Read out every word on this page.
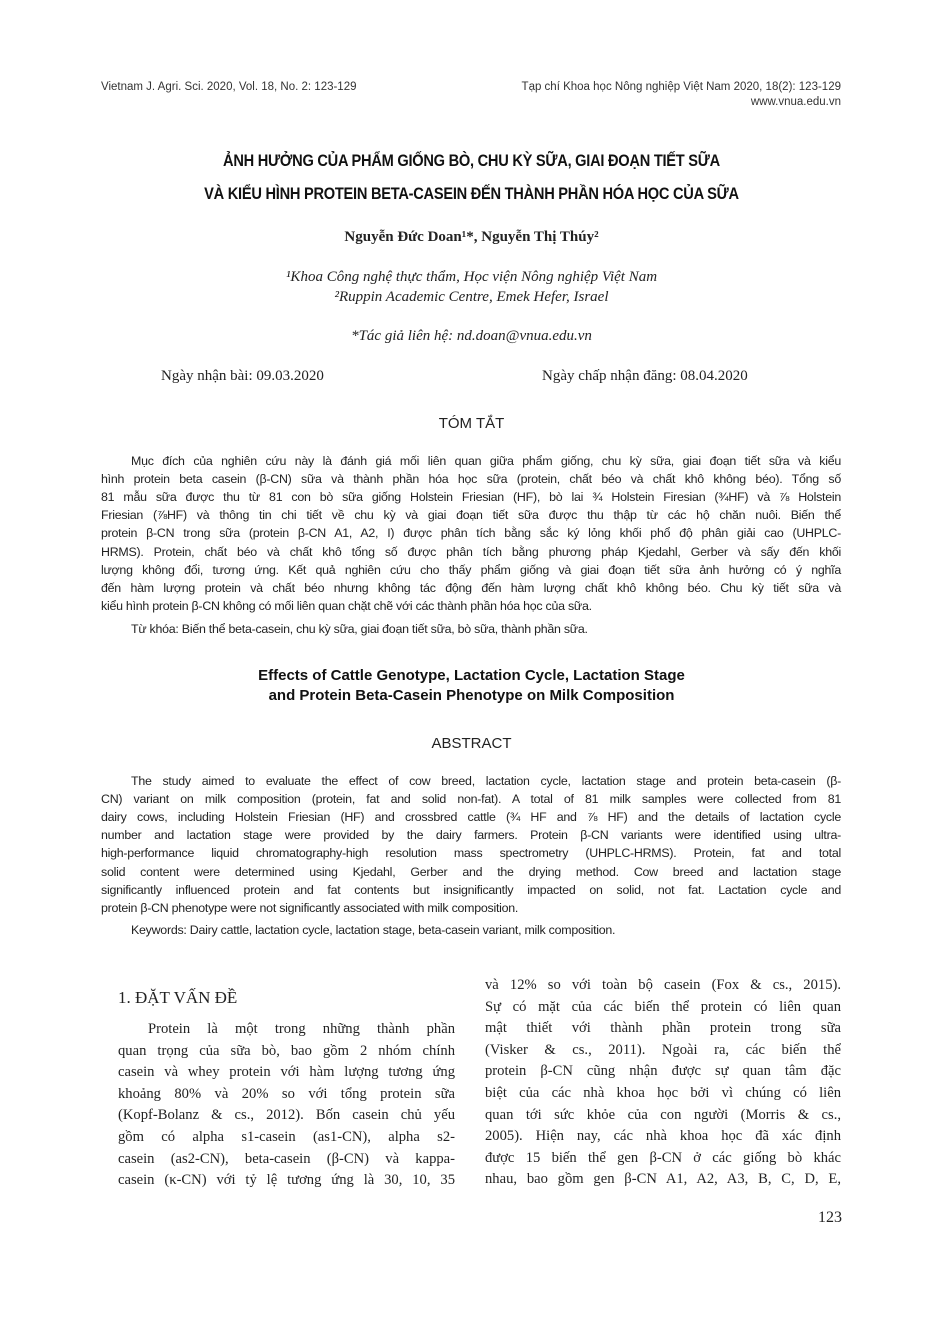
Vietnam J. Agri. Sci. 2020, Vol. 18, No. 2: 123-129	Tạp chí Khoa học Nông nghiệp Việt Nam 2020, 18(2): 123-129
www.vnua.edu.vn
ẢNH HƯỞNG CỦA PHẨM GIỐNG BÒ, CHU KỲ SỮA, GIAI ĐOẠN TIẾT SỮA
VÀ KIỂU HÌNH PROTEIN BETA-CASEIN ĐẾN THÀNH PHẦN HÓA HỌC CỦA SỮA
Nguyễn Đức Doan¹*, Nguyễn Thị Thúy²
¹Khoa Công nghệ thực thẩm, Học viện Nông nghiệp Việt Nam
²Ruppin Academic Centre, Emek Hefer, Israel
*Tác giả liên hệ: nd.doan@vnua.edu.vn
Ngày nhận bài: 09.03.2020	Ngày chấp nhận đăng: 08.04.2020
TÓM TẮT
Mục đích của nghiên cứu này là đánh giá mối liên quan giữa phẩm giống, chu kỳ sữa, giai đoạn tiết sữa và kiểu
hình protein beta casein (β-CN) sữa và thành phần hóa học sữa (protein, chất béo và chất khô không béo). Tổng số
81 mẫu sữa được thu từ 81 con bò sữa giống Holstein Friesian (HF), bò lai ¾ Holstein Firesian (¾HF) và ⅞ Holstein
Friesian (⅞HF) và thông tin chi tiết về chu kỳ và giai đoạn tiết sữa được thu thập từ các hộ chăn nuôi. Biến thể
protein β-CN trong sữa (protein β-CN A1, A2, I) được phân tích bằng sắc ký lỏng khối phổ độ phân giải cao (UHPLC-
HRMS). Protein, chất béo và chất khô tổng số được phân tích bằng phương pháp Kjedahl, Gerber và sấy đến khối
lượng không đổi, tương ứng. Kết quả nghiên cứu cho thấy phẩm giống và giai đoạn tiết sữa ảnh hưởng có ý nghĩa
đến hàm lượng protein và chất béo nhưng không tác động đến hàm lượng chất khô không béo. Chu kỳ tiết sữa và
kiểu hình protein β-CN không có mối liên quan chặt chẽ với các thành phần hóa học của sữa.
Từ khóa: Biến thể beta-casein, chu kỳ sữa, giai đoạn tiết sữa, bò sữa, thành phần sữa.
Effects of Cattle Genotype, Lactation Cycle, Lactation Stage
and Protein Beta-Casein Phenotype on Milk Composition
ABSTRACT
The study aimed to evaluate the effect of cow breed, lactation cycle, lactation stage and protein beta-casein (β-
CN) variant on milk composition (protein, fat and solid non-fat). A total of 81 milk samples were collected from 81
dairy cows, including Holstein Friesian (HF) and crossbred cattle (¾ HF and ⅞ HF) and the details of lactation cycle
number and lactation stage were provided by the dairy farmers. Protein β-CN variants were identified using ultra-
high-performance liquid chromatography-high resolution mass spectrometry (UHPLC-HRMS). Protein, fat and total
solid content were determined using Kjedahl, Gerber and the drying method. Cow breed and lactation stage
significantly influenced protein and fat contents but insignificantly impacted on solid, not fat. Lactation cycle and
protein β-CN phenotype were not significantly associated with milk composition.
Keywords: Dairy cattle, lactation cycle, lactation stage, beta-casein variant, milk composition.
1. ĐẶT VẤN ĐỀ
Protein là một trong những thành phần
quan trọng của sữa bò, bao gồm 2 nhóm chính
casein và whey protein với hàm lượng tương ứng
khoảng 80% và 20% so với tổng protein sữa
(Kopf-Bolanz & cs., 2012). Bốn casein chủ yếu
gồm có alpha s1-casein (as1-CN), alpha s2-
casein (as2-CN), beta-casein (β-CN) và kappa-
casein (κ-CN) với tỷ lệ tương ứng là 30, 10, 35
và 12% so với toàn bộ casein (Fox & cs., 2015).
Sự có mặt của các biến thể protein có liên quan
mật thiết với thành phần protein trong sữa
(Visker & cs., 2011). Ngoài ra, các biến thể
protein β-CN cũng nhận được sự quan tâm đặc
biệt của các nhà khoa học bởi vì chúng có liên
quan tới sức khỏe của con người (Morris & cs.,
2005). Hiện nay, các nhà khoa học đã xác định
được 15 biến thể gen β-CN ở các giống bò khác
nhau, bao gồm gen β-CN A1, A2, A3, B, C, D, E,
123
